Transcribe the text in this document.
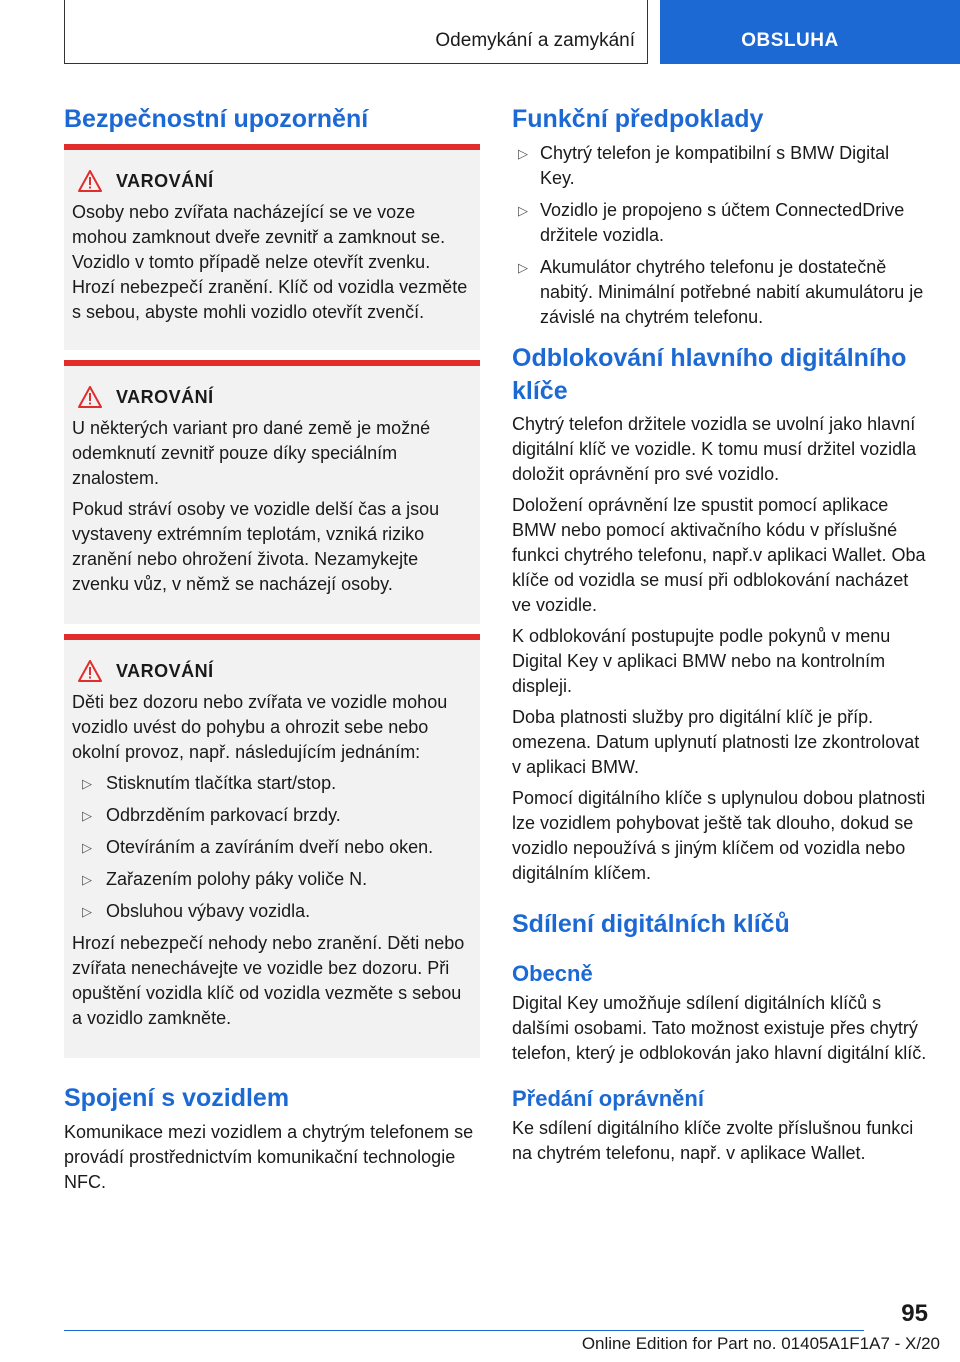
Odemykání a zamykání	OBSLUHA
Bezpečnostní upozornění
VAROVÁNÍ

Osoby nebo zvířata nacházející se ve voze mohou zamknout dveře zevnitř a zamknout se. Vozidlo v tomto případě nelze otevřít zvenku. Hrozí nebezpečí zranění. Klíč od vozidla vezměte s sebou, abyste mohli vozidlo otevřít zvenčí.

VAROVÁNÍ

U některých variant pro dané země je možné odemknutí zevnitř pouze díky speciálním znalostem.

Pokud stráví osoby ve vozidle delší čas a jsou vystaveny extrémním teplotám, vzniká riziko zranění nebo ohrožení života. Nezamykejte zvenku vůz, v němž se nacházejí osoby.

VAROVÁNÍ

Děti bez dozoru nebo zvířata ve vozidle mohou vozidlo uvést do pohybu a ohrozit sebe nebo okolní provoz, např. následujícím jednáním:

▷ Stisknutím tlačítka start/stop.
▷ Odbrzděním parkovací brzdy.
▷ Otevíráním a zavíráním dveří nebo oken.
▷ Zařazením polohy páky voliče N.
▷ Obsluhou výbavy vozidla.

Hrozí nebezpečí nehody nebo zranění. Děti nebo zvířata nenechávejte ve vozidle bez dozoru. Při opuštění vozidla klíč od vozidla vezměte s sebou a vozidlo zamkněte.

Spojení s vozidlem

Komunikace mezi vozidlem a chytrým telefonem se provádí prostřednictvím komunikační technologie NFC.

Funkční předpoklady
▷ Chytrý telefon je kompatibilní s BMW Digital Key.
▷ Vozidlo je propojeno s účtem ConnectedDrive držitele vozidla.
▷ Akumulátor chytrého telefonu je dostatečně nabitý. Minimální potřebné nabití akumulátoru je závislé na chytrém telefonu.
Odblokování hlavního digitálního klíče

Chytrý telefon držitele vozidla se uvolní jako hlavní digitální klíč ve vozidle. K tomu musí držitel vozidla doložit oprávnění pro své vozidlo.

Doložení oprávnění lze spustit pomocí aplikace BMW nebo pomocí aktivačního kódu v příslušné funkci chytrého telefonu, např.v aplikaci Wallet. Oba klíče od vozidla se musí při odblokování nacházet ve vozidle.

K odblokování postupujte podle pokynů v menu Digital Key v aplikaci BMW nebo na kontrolním displeji.

Doba platnosti služby pro digitální klíč je příp. omezena. Datum uplynutí platnosti lze zkontrolovat v aplikaci BMW.

Pomocí digitálního klíče s uplynulou dobou platnosti lze vozidlem pohybovat ještě tak dlouho, dokud se vozidlo nepoužívá s jiným klíčem od vozidla nebo digitálním klíčem.

Sdílení digitálních klíčů
Obecně

Digital Key umožňuje sdílení digitálních klíčů s dalšími osobami. Tato možnost existuje přes chytrý telefon, který je odblokován jako hlavní digitální klíč.

Předání oprávnění

Ke sdílení digitálního klíče zvolte příslušnou funkci na chytrém telefonu, např. v aplikace Wallet.

95
Online Edition for Part no. 01405A1F1A7 - X/20
